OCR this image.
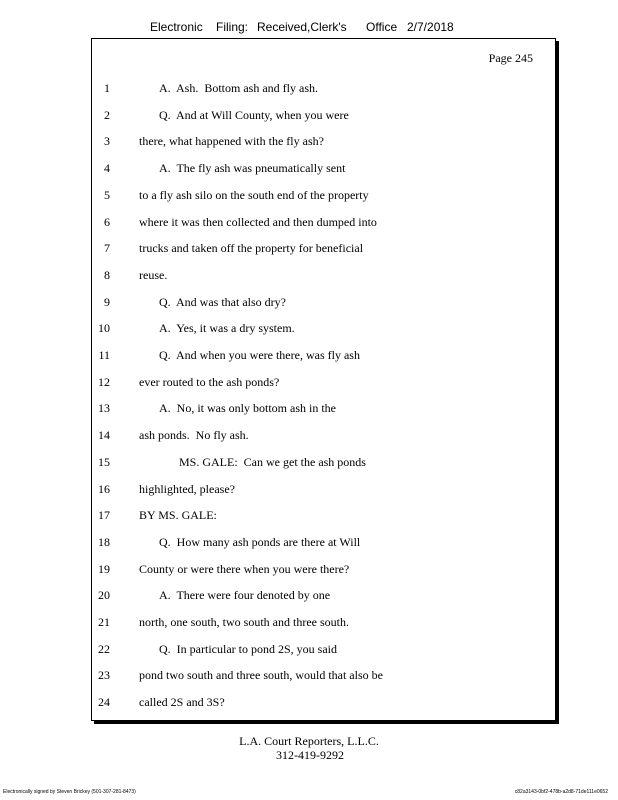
Electronic Filing: Received,Clerk's Office 2/7/2018
Page 245
1	A.  Ash.  Bottom ash and fly ash.
2	Q.  And at Will County, when you were
3 there, what happened with the fly ash?
4	A.  The fly ash was pneumatically sent
5 to a fly ash silo on the south end of the property
6 where it was then collected and then dumped into
7 trucks and taken off the property for beneficial
8 reuse.
9	Q.  And was that also dry?
10	A.  Yes, it was a dry system.
11	Q.  And when you were there, was fly ash
12 ever routed to the ash ponds?
13	A.  No, it was only bottom ash in the
14 ash ponds.  No fly ash.
15	MS. GALE:  Can we get the ash ponds
16 highlighted, please?
17 BY MS. GALE:
18	Q.  How many ash ponds are there at Will
19 County or were there when you were there?
20	A.  There were four denoted by one
21 north, one south, two south and three south.
22	Q.  In particular to pond 2S, you said
23 pond two south and three south, would that also be
24 called 2S and 3S?
L.A. Court Reporters, L.L.C.
312-419-9292
Electronically signed by Steven Brickey (501-307-281-8473)	c82a3143-0bf2-478b-a2d8-71de111e0652
